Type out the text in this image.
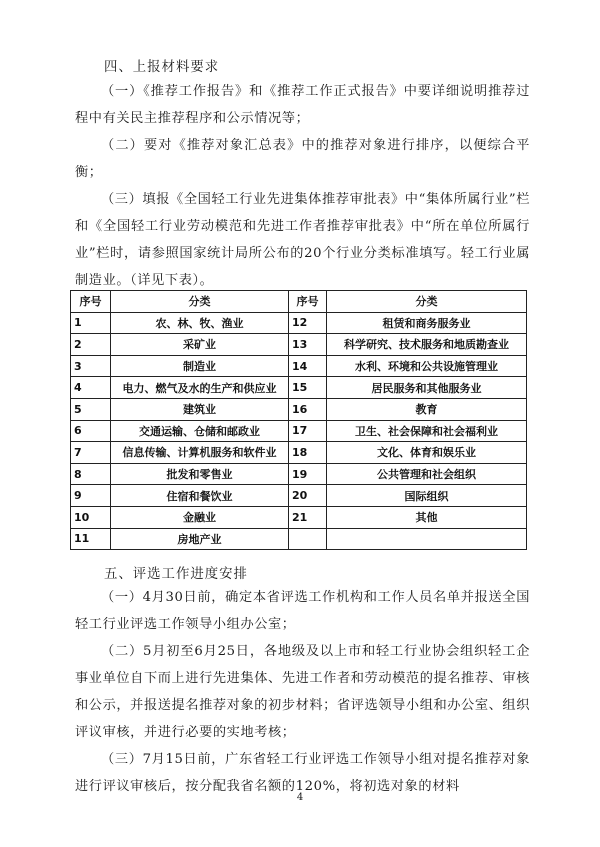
四、上报材料要求

（一）《推荐工作报告》和《推荐工作正式报告》中要详细说明推荐过程中有关民主推荐程序和公示情况等；

（二）要对《推荐对象汇总表》中的推荐对象进行排序，以便综合平衡；

（三）填报《全国轻工行业先进集体推荐审批表》中“集体所属行业”栏和《全国轻工行业劳动模范和先进工作者推荐审批表》中“所在单位所属行业”栏时，请参照国家统计局所公布的20个行业分类标准填写。轻工行业属制造业。（详见下表）。

序号	分类	序号	分类
1	农、林、牧、渔业	12	租赁和商务服务业
2	采矿业	13	科学研究、技术服务和地质勘查业
3	制造业	14	水利、环境和公共设施管理业
4	电力、燃气及水的生产和供应业	15	居民服务和其他服务业
5	建筑业	16	教育
6	交通运输、仓储和邮政业	17	卫生、社会保障和社会福利业
7	信息传输、计算机服务和软件业	18	文化、体育和娱乐业
8	批发和零售业	19	公共管理和社会组织
9	住宿和餐饮业	20	国际组织
10	金融业	21	其他
11	房地产业		
五、评选工作进度安排

（一）4月30日前，确定本省评选工作机构和工作人员名单并报送全国轻工行业评选工作领导小组办公室；

（二）5月初至6月25日，各地级及以上市和轻工行业协会组织轻工企事业单位自下而上进行先进集体、先进工作者和劳动模范的提名推荐、审核和公示，并报送提名推荐对象的初步材料；省评选领导小组和办公室、组织评议审核，并进行必要的实地考核；

（三）7月15日前，广东省轻工行业评选工作领导小组对提名推荐对象进行评议审核后，按分配我省名额的120%，将初选对象的材料

4
